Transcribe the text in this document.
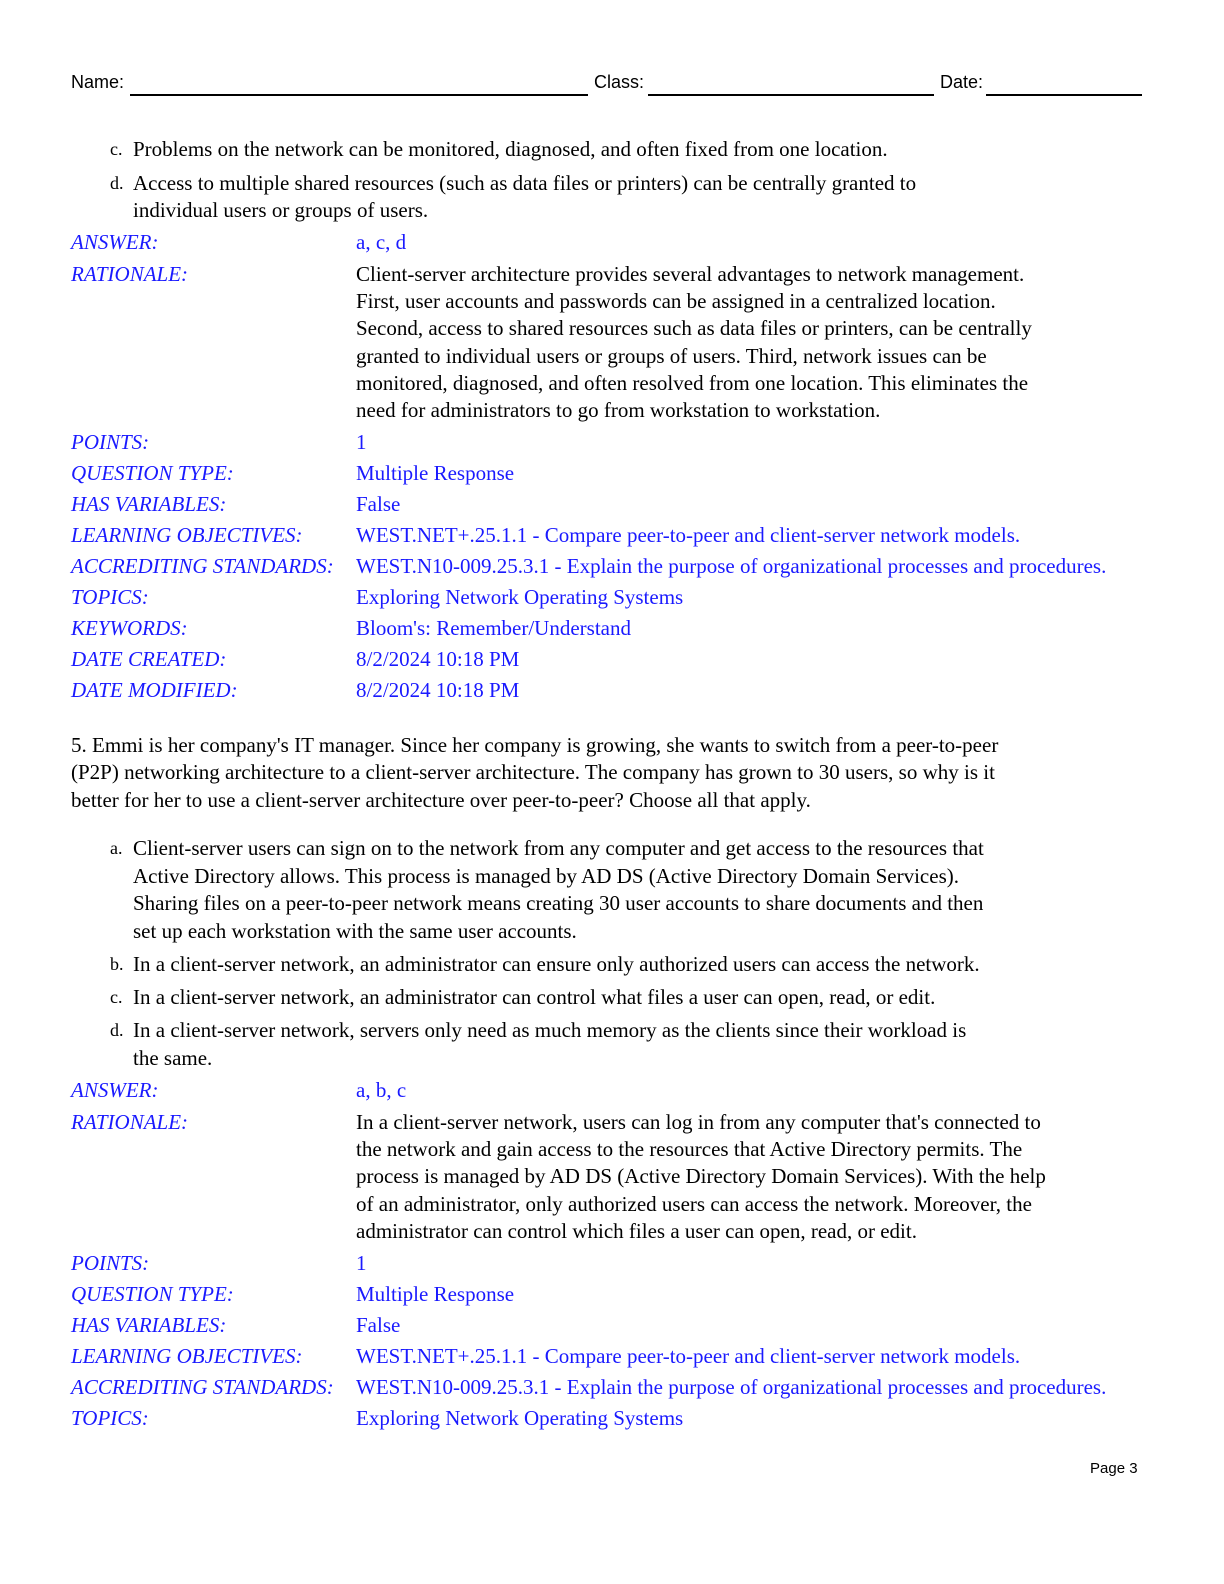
Name:	Class:	Date:
c. Problems on the network can be monitored, diagnosed, and often fixed from one location.
d. Access to multiple shared resources (such as data files or printers) can be centrally granted to
individual users or groups of users.
ANSWER:	a, c, d
RATIONALE:	Client-server architecture provides several advantages to network management.
First, user accounts and passwords can be assigned in a centralized location.
Second, access to shared resources such as data files or printers, can be centrally
granted to individual users or groups of users. Third, network issues can be
monitored, diagnosed, and often resolved from one location. This eliminates the
need for administrators to go from workstation to workstation.
POINTS:	1
QUESTION TYPE:	Multiple Response
HAS VARIABLES:	False
LEARNING OBJECTIVES:	WEST.NET+.25.1.1 - Compare peer-to-peer and client-server network models.
ACCREDITING STANDARDS: WEST.N10-009.25.3.1 - Explain the purpose of organizational processes and procedures.
TOPICS:	Exploring Network Operating Systems
KEYWORDS:	Bloom's: Remember/Understand
DATE CREATED:	8/2/2024 10:18 PM
DATE MODIFIED:	8/2/2024 10:18 PM
5. Emmi is her company's IT manager. Since her company is growing, she wants to switch from a peer-to-peer
(P2P) networking architecture to a client-server architecture. The company has grown to 30 users, so why is it
better for her to use a client-server architecture over peer-to-peer? Choose all that apply.
a. Client-server users can sign on to the network from any computer and get access to the resources that
Active Directory allows. This process is managed by AD DS (Active Directory Domain Services).
Sharing files on a peer-to-peer network means creating 30 user accounts to share documents and then
set up each workstation with the same user accounts.
b. In a client-server network, an administrator can ensure only authorized users can access the network.
c. In a client-server network, an administrator can control what files a user can open, read, or edit.
d. In a client-server network, servers only need as much memory as the clients since their workload is
the same.
ANSWER:	a, b, c
RATIONALE:	In a client-server network, users can log in from any computer that's connected to
the network and gain access to the resources that Active Directory permits. The
process is managed by AD DS (Active Directory Domain Services). With the help
of an administrator, only authorized users can access the network. Moreover, the
administrator can control which files a user can open, read, or edit.
POINTS:	1
QUESTION TYPE:	Multiple Response
HAS VARIABLES:	False
LEARNING OBJECTIVES:	WEST.NET+.25.1.1 - Compare peer-to-peer and client-server network models.
ACCREDITING STANDARDS: WEST.N10-009.25.3.1 - Explain the purpose of organizational processes and procedures.
TOPICS:	Exploring Network Operating Systems
Page 3
